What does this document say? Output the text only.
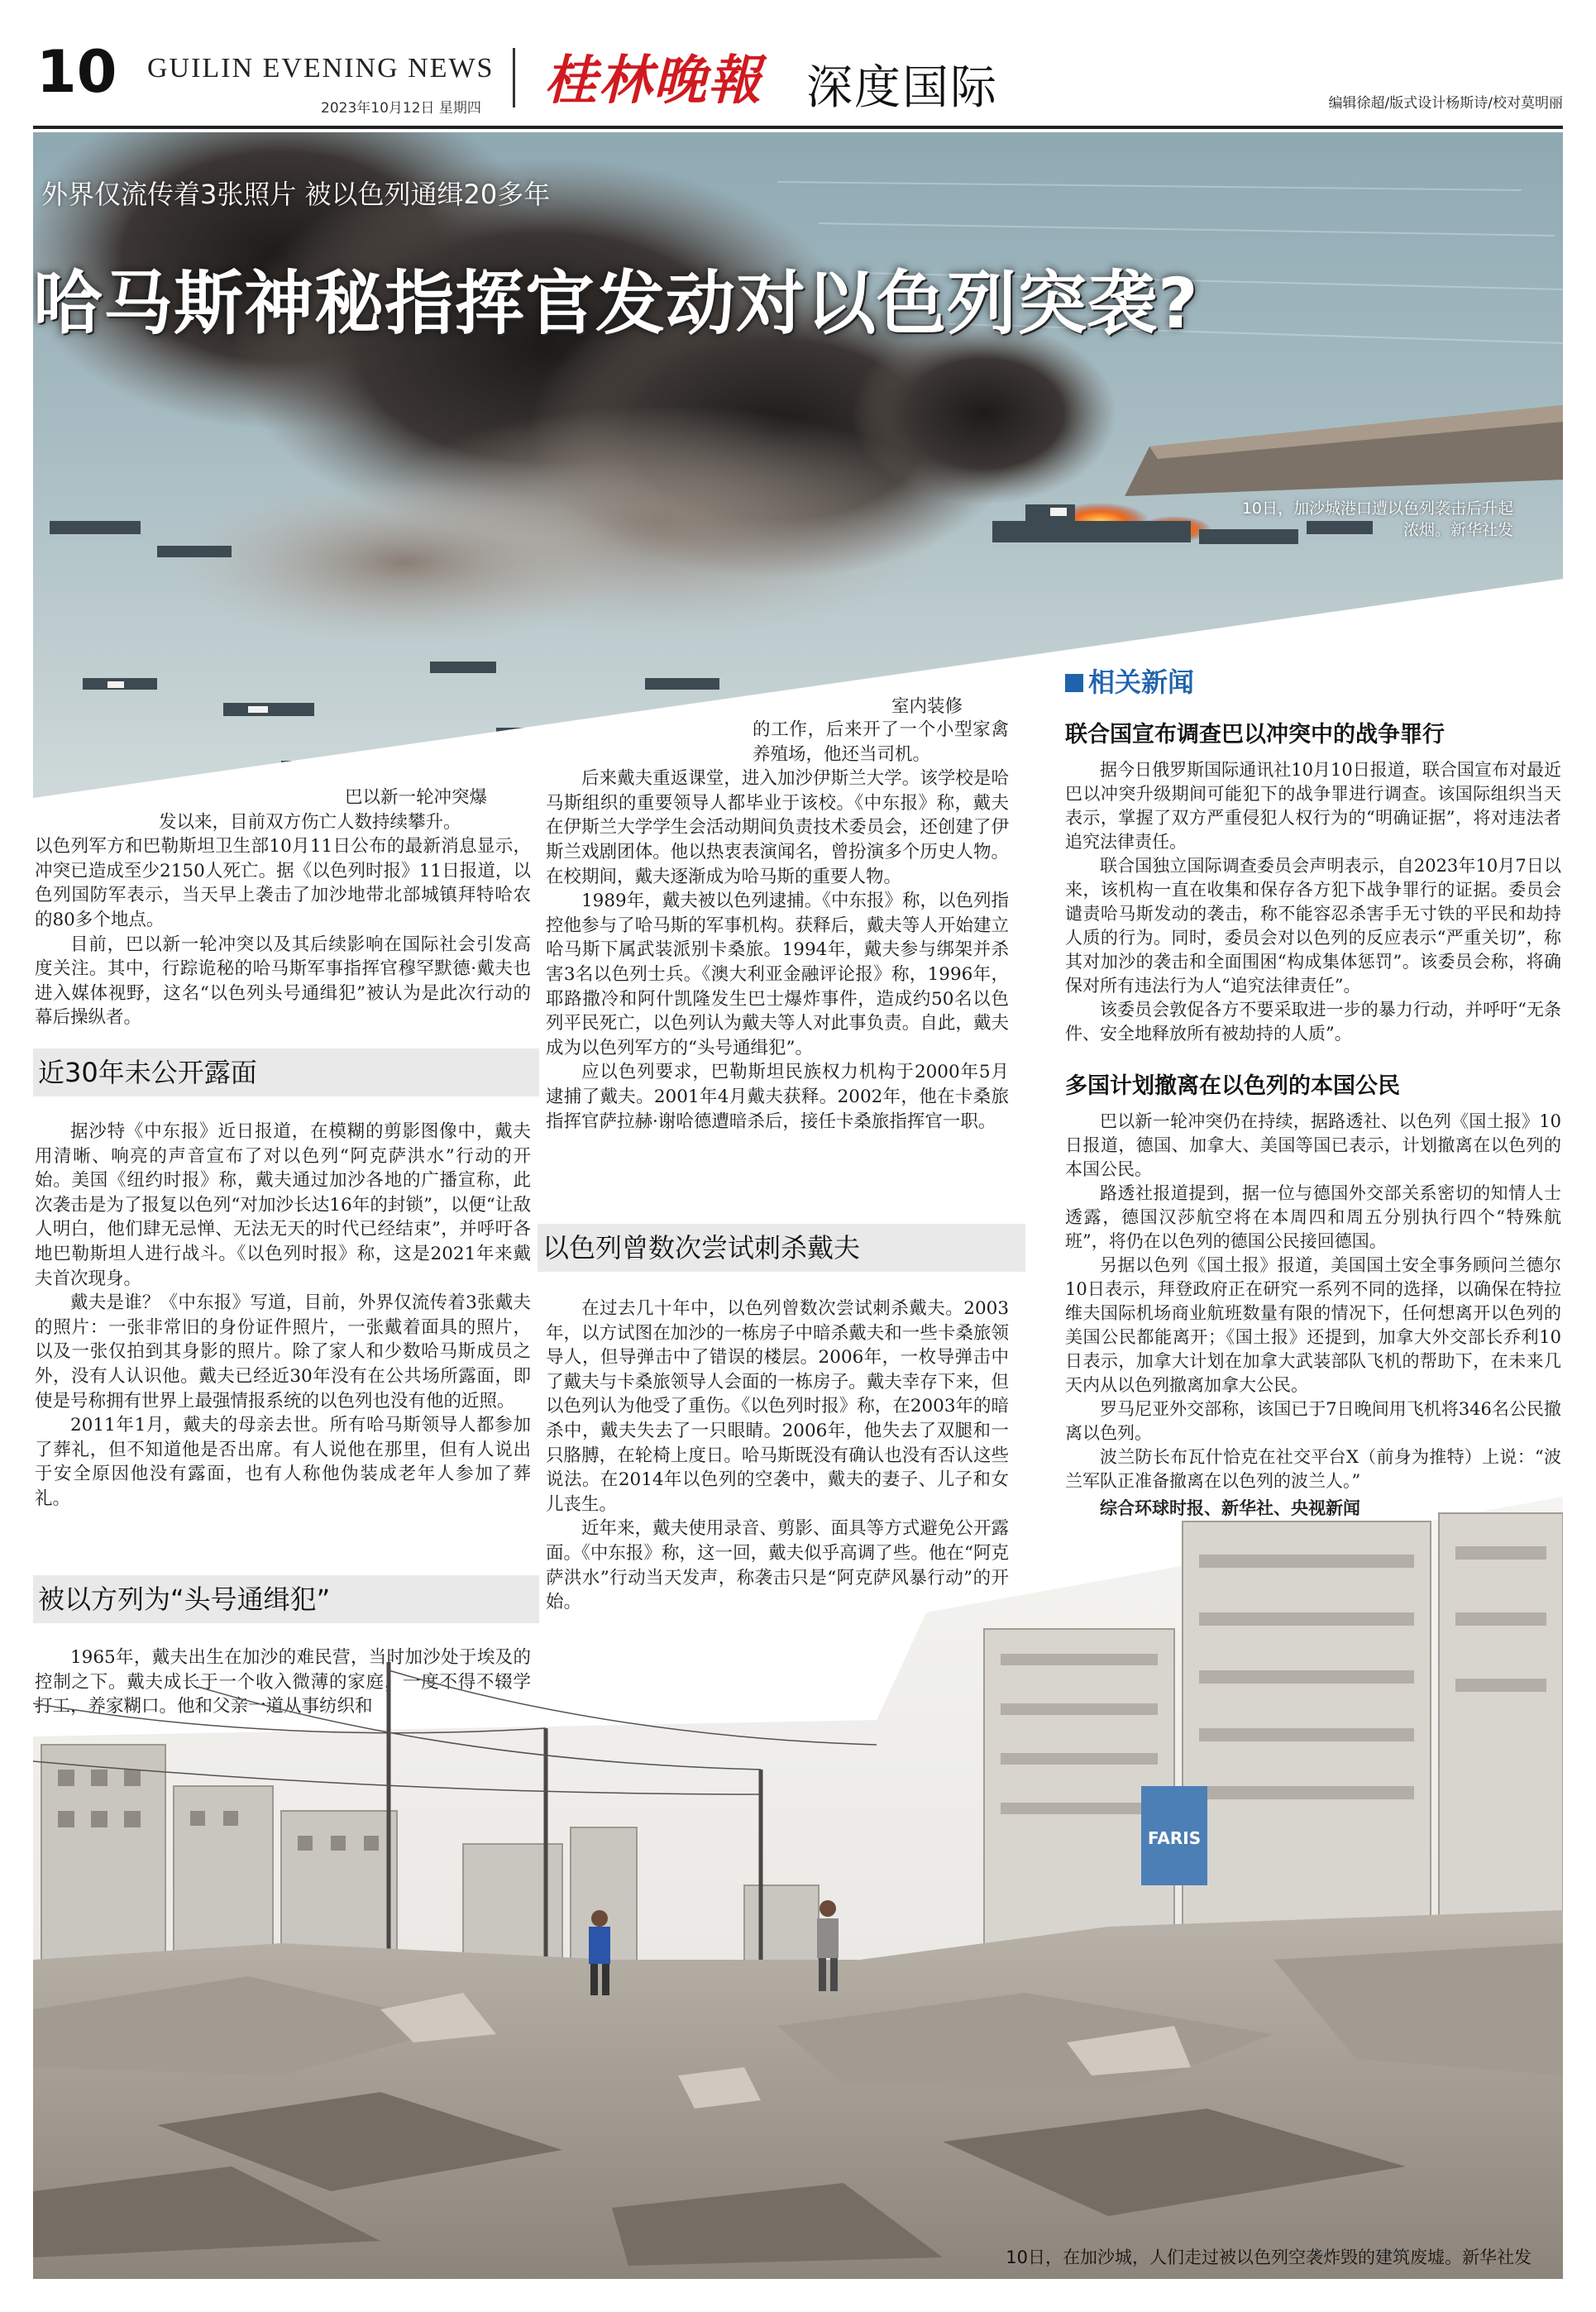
10 GUILIN EVENING NEWS
2023年10月12日 星期四 桂林晚報 深度国际	编辑徐超/版式设计杨斯诗/校对莫明丽
外界仅流传着3张照片 被以色列通缉20多年
哈马斯神秘指挥官发动对以色列突袭?
10日，加沙城港口遭以色列袭击后升起浓烟。新华社发

巴以新一轮冲突爆

发以来，目前双方伤亡人数持续攀升。

以色列军方和巴勒斯坦卫生部10月11日公布的最新消息显示，冲突已造成至少2150人死亡。据《以色列时报》11日报道，以色列国防军表示，当天早上袭击了加沙地带北部城镇拜特哈农的80多个地点。

目前，巴以新一轮冲突以及其后续影响在国际社会引发高度关注。其中，行踪诡秘的哈马斯军事指挥官穆罕默德·戴夫也进入媒体视野，这名“以色列头号通缉犯”被认为是此次行动的幕后操纵者。

近30年未公开露面

据沙特《中东报》近日报道，在模糊的剪影图像中，戴夫用清晰、响亮的声音宣布了对以色列“阿克萨洪水”行动的开始。美国《纽约时报》称，戴夫通过加沙各地的广播宣称，此次袭击是为了报复以色列“对加沙长达16年的封锁”，以便“让敌人明白，他们肆无忌惮、无法无天的时代已经结束”，并呼吁各地巴勒斯坦人进行战斗。《以色列时报》称，这是2021年来戴夫首次现身。

戴夫是谁？《中东报》写道，目前，外界仅流传着3张戴夫的照片：一张非常旧的身份证件照片，一张戴着面具的照片，以及一张仅拍到其身影的照片。除了家人和少数哈马斯成员之外，没有人认识他。戴夫已经近30年没有在公共场所露面，即使是号称拥有世界上最强情报系统的以色列也没有他的近照。

2011年1月，戴夫的母亲去世。所有哈马斯领导人都参加了葬礼，但不知道他是否出席。有人说他在那里，但有人说出于安全原因他没有露面，也有人称他伪装成老年人参加了葬礼。

被以方列为“头号通缉犯”

1965年，戴夫出生在加沙的难民营，当时加沙处于埃及的控制之下。戴夫成长于一个收入微薄的家庭，一度不得不辍学打工，养家糊口。他和父亲一道从事纺织和

室内装修

的工作，后来开了一个小型家禽养殖场，他还当司机。

后来戴夫重返课堂，进入加沙伊斯兰大学。该学校是哈马斯组织的重要领导人都毕业于该校。《中东报》称，戴夫在伊斯兰大学学生会活动期间负责技术委员会，还创建了伊斯兰戏剧团体。他以热衷表演闻名，曾扮演多个历史人物。在校期间，戴夫逐渐成为哈马斯的重要人物。

1989年，戴夫被以色列逮捕。《中东报》称，以色列指控他参与了哈马斯的军事机构。获释后，戴夫等人开始建立哈马斯下属武装派别卡桑旅。1994年，戴夫参与绑架并杀害3名以色列士兵。《澳大利亚金融评论报》称，1996年，耶路撒冷和阿什凯隆发生巴士爆炸事件，造成约50名以色列平民死亡，以色列认为戴夫等人对此事负责。自此，戴夫成为以色列军方的“头号通缉犯”。

应以色列要求，巴勒斯坦民族权力机构于2000年5月逮捕了戴夫。2001年4月戴夫获释。2002年，他在卡桑旅指挥官萨拉赫·谢哈德遭暗杀后，接任卡桑旅指挥官一职。

以色列曾数次尝试刺杀戴夫

在过去几十年中，以色列曾数次尝试刺杀戴夫。2003年，以方试图在加沙的一栋房子中暗杀戴夫和一些卡桑旅领导人，但导弹击中了错误的楼层。2006年，一枚导弹击中了戴夫与卡桑旅领导人会面的一栋房子。戴夫幸存下来，但以色列认为他受了重伤。《以色列时报》称，在2003年的暗杀中，戴夫失去了一只眼睛。2006年，他失去了双腿和一只胳膊，在轮椅上度日。哈马斯既没有确认也没有否认这些说法。在2014年以色列的空袭中，戴夫的妻子、儿子和女儿丧生。

近年来，戴夫使用录音、剪影、面具等方式避免公开露面。《中东报》称，这一回，戴夫似乎高调了些。他在“阿克萨洪水”行动当天发声，称袭击只是“阿克萨风暴行动”的开始。

相关新闻
联合国宣布调查巴以冲突中的战争罪行

据今日俄罗斯国际通讯社10月10日报道，联合国宣布对最近巴以冲突升级期间可能犯下的战争罪进行调查。该国际组织当天表示，掌握了双方严重侵犯人权行为的“明确证据”，将对违法者追究法律责任。

联合国独立国际调查委员会声明表示，自2023年10月7日以来，该机构一直在收集和保存各方犯下战争罪行的证据。委员会谴责哈马斯发动的袭击，称不能容忍杀害手无寸铁的平民和劫持人质的行为。同时，委员会对以色列的反应表示“严重关切”，称其对加沙的袭击和全面围困“构成集体惩罚”。该委员会称，将确保对所有违法行为人“追究法律责任”。

该委员会敦促各方不要采取进一步的暴力行动，并呼吁“无条件、安全地释放所有被劫持的人质”。

多国计划撤离在以色列的本国公民

巴以新一轮冲突仍在持续，据路透社、以色列《国土报》10日报道，德国、加拿大、美国等国已表示，计划撤离在以色列的本国公民。

路透社报道提到，据一位与德国外交部关系密切的知情人士透露，德国汉莎航空将在本周四和周五分别执行四个“特殊航班”，将仍在以色列的德国公民接回德国。

另据以色列《国土报》报道，美国国土安全事务顾问兰德尔10日表示，拜登政府正在研究一系列不同的选择，以确保在特拉维夫国际机场商业航班数量有限的情况下，任何想离开以色列的美国公民都能离开；《国土报》还提到，加拿大外交部长乔利10日表示，加拿大计划在加拿大武装部队飞机的帮助下，在未来几天内从以色列撤离加拿大公民。

罗马尼亚外交部称，该国已于7日晚间用飞机将346名公民撤离以色列。

波兰防长布瓦什恰克在社交平台X（前身为推特）上说：“波兰军队正准备撤离在以色列的波兰人。”

综合环球时报、新华社、央视新闻
FARIS
10日，在加沙城，人们走过被以色列空袭炸毁的建筑废墟。新华社发
